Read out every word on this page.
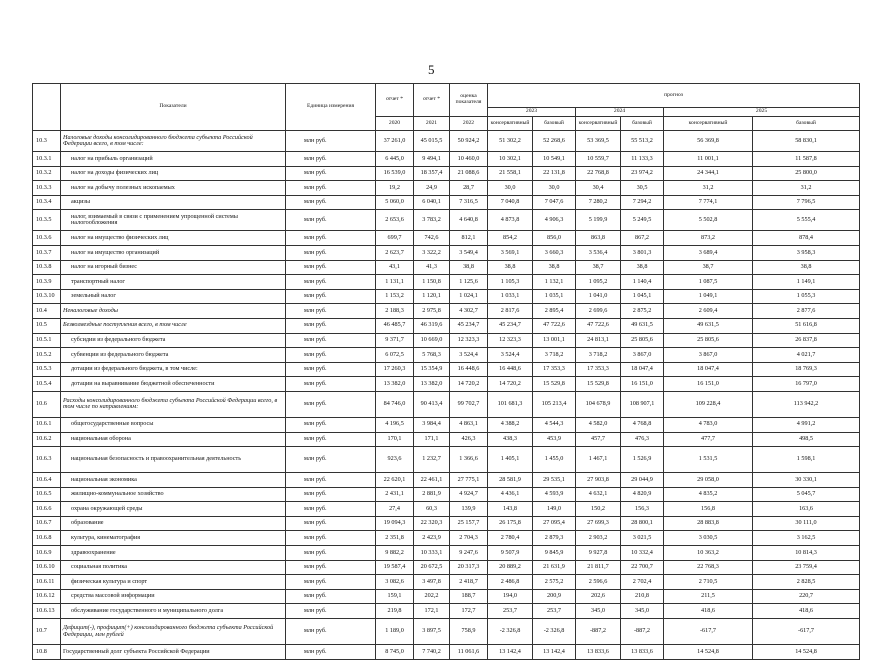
5
	Показатели	Единица измерения	отчет *	отчет *	оценка показателя	прогноз					
						2023		2024		2025	
			2020	2021	2022	консервативный	базовый	консервативный	базовый	консервативный	базовый
10.3	Налоговые доходы консолидированного бюджета субъекта Российской Федерации всего, в том числе:	млн руб.	37 261,0	45 015,5	50 924,2	51 302,2	52 268,6	53 369,5	55 513,2	56 369,8	58 830,1
10.3.1	налог на прибыль организаций	млн руб.	6 445,0	9 494,1	10 460,0	10 302,1	10 549,1	10 559,7	11 133,3	11 001,1	11 587,8
10.3.2	налог на доходы физических лиц	млн руб.	16 539,0	18 357,4	21 088,6	21 558,1	22 131,8	22 768,8	23 974,2	24 344,1	25 800,0
10.3.3	налог на добычу полезных ископаемых	млн руб.	19,2	24,9	28,7	30,0	30,0	30,4	30,5	31,2	31,2
10.3.4	акцизы	млн руб.	5 060,0	6 040,1	7 316,5	7 040,8	7 047,6	7 280,2	7 294,2	7 774,1	7 796,5
10.3.5	налог, взимаемый в связи с применением упрощенной системы налогообложения	млн руб.	2 653,6	3 783,2	4 640,8	4 873,8	4 906,3	5 199,9	5 249,5	5 502,8	5 555,4
10.3.6	налог на имущество физических лиц	млн руб.	699,7	742,6	812,1	854,2	856,0	863,8	867,2	873,2	878,4
10.3.7	налог на имущество организаций	млн руб.	2 623,7	3 322,2	3 549,4	3 569,1	3 660,3	3 536,4	3 801,3	3 689,4	3 958,3
10.3.8	налог на игорный бизнес	млн руб.	43,1	41,3	38,8	38,8	38,8	38,7	38,8	38,7	38,8
10.3.9	транспортный налог	млн руб.	1 131,1	1 150,8	1 125,6	1 105,3	1 132,1	1 095,2	1 140,4	1 087,5	1 149,1
10.3.10	земельный налог	млн руб.	1 153,2	1 120,1	1 024,1	1 033,1	1 035,1	1 041,0	1 045,1	1 049,1	1 055,3
10.4	Неналоговые доходы	млн руб.	2 188,3	2 975,8	4 302,7	2 817,6	2 895,4	2 699,6	2 875,2	2 609,4	2 877,6
10.5	Безвозмездные поступления всего, в том числе	млн руб.	46 485,7	46 319,6	45 234,7	45 234,7	47 722,6	47 722,6	49 631,5	49 631,5	51 616,8
10.5.1	субсидии из федерального бюджета	млн руб.	9 371,7	10 669,0	12 323,3	12 323,3	13 001,1	24 813,1	25 805,6	25 805,6	26 837,8
10.5.2	субвенции из федерального бюджета	млн руб.	6 072,5	5 768,3	3 524,4	3 524,4	3 718,2	3 718,2	3 867,0	3 867,0	4 021,7
10.5.3	дотации из федерального бюджета, в том числе:	млн руб.	17 260,3	15 354,9	16 448,6	16 448,6	17 353,3	17 353,3	18 047,4	18 047,4	18 769,3
10.5.4	дотации на выравнивание бюджетной обеспеченности	млн руб.	13 382,0	13 382,0	14 720,2	14 720,2	15 529,8	15 529,8	16 151,0	16 151,0	16 797,0
10.6	Расходы консолидированного бюджета субъекта Российской Федерации всего, в том числе по направлениям:	млн руб.	84 746,0	90 413,4	99 702,7	101 681,3	105 213,4	104 678,9	108 907,1	109 228,4	113 942,2
10.6.1	общегосударственные вопросы	млн руб.	4 196,5	3 984,4	4 863,1	4 388,2	4 544,3	4 582,0	4 768,8	4 783,0	4 991,2
10.6.2	национальная оборона	млн руб.	170,1	171,1	426,3	438,3	453,9	457,7	476,3	477,7	498,5
10.6.3	национальная безопасность и правоохранительная деятельность	млн руб.	923,6	1 232,7	1 366,6	1 405,1	1 455,0	1 467,1	1 526,9	1 531,5	1 598,1
10.6.4	национальная экономика	млн руб.	22 620,1	22 461,1	27 775,1	28 581,9	29 535,1	27 903,8	29 044,9	29 058,0	30 330,1
10.6.5	жилищно-коммунальное хозяйство	млн руб.	2 431,1	2 881,9	4 924,7	4 436,1	4 593,9	4 632,1	4 820,9	4 835,2	5 045,7
10.6.6	охрана окружающей среды	млн руб.	27,4	60,3	139,9	143,8	149,0	150,2	156,3	156,8	163,6
10.6.7	образование	млн руб.	19 094,3	22 320,3	25 157,7	26 175,8	27 095,4	27 699,3	28 800,1	28 883,8	30 111,0
10.6.8	культура, кинематография	млн руб.	2 351,8	2 423,9	2 704,3	2 780,4	2 879,3	2 903,2	3 021,5	3 030,5	3 162,5
10.6.9	здравоохранение	млн руб.	9 882,2	10 333,1	9 247,6	9 507,9	9 845,9	9 927,8	10 332,4	10 363,2	10 814,3
10.6.10	социальная политика	млн руб.	19 587,4	20 672,5	20 317,3	20 889,2	21 631,9	21 811,7	22 700,7	22 768,3	23 759,4
10.6.11	физическая культура и спорт	млн руб.	3 082,6	3 497,8	2 418,7	2 486,8	2 575,2	2 596,6	2 702,4	2 710,5	2 828,5
10.6.12	средства массовой информации	млн руб.	159,1	202,2	188,7	194,0	200,9	202,6	210,8	211,5	220,7
10.6.13	обслуживание государственного и муниципального долга	млн руб.	219,8	172,1	172,7	253,7	253,7	345,0	345,0	418,6	418,6
10.7	Дефицит(-), профицит(+) консолидированного бюджета субъекта Российской Федерации, млн рублей	млн руб.	1 189,0	3 897,5	758,9	-2 326,8	-2 326,8	-887,2	-887,2	-617,7	-617,7
10.8	Государственный долг субъекта Российской Федерации	млн руб.	8 745,0	7 740,2	11 061,6	13 142,4	13 142,4	13 833,6	13 833,6	14 524,8	14 524,8
